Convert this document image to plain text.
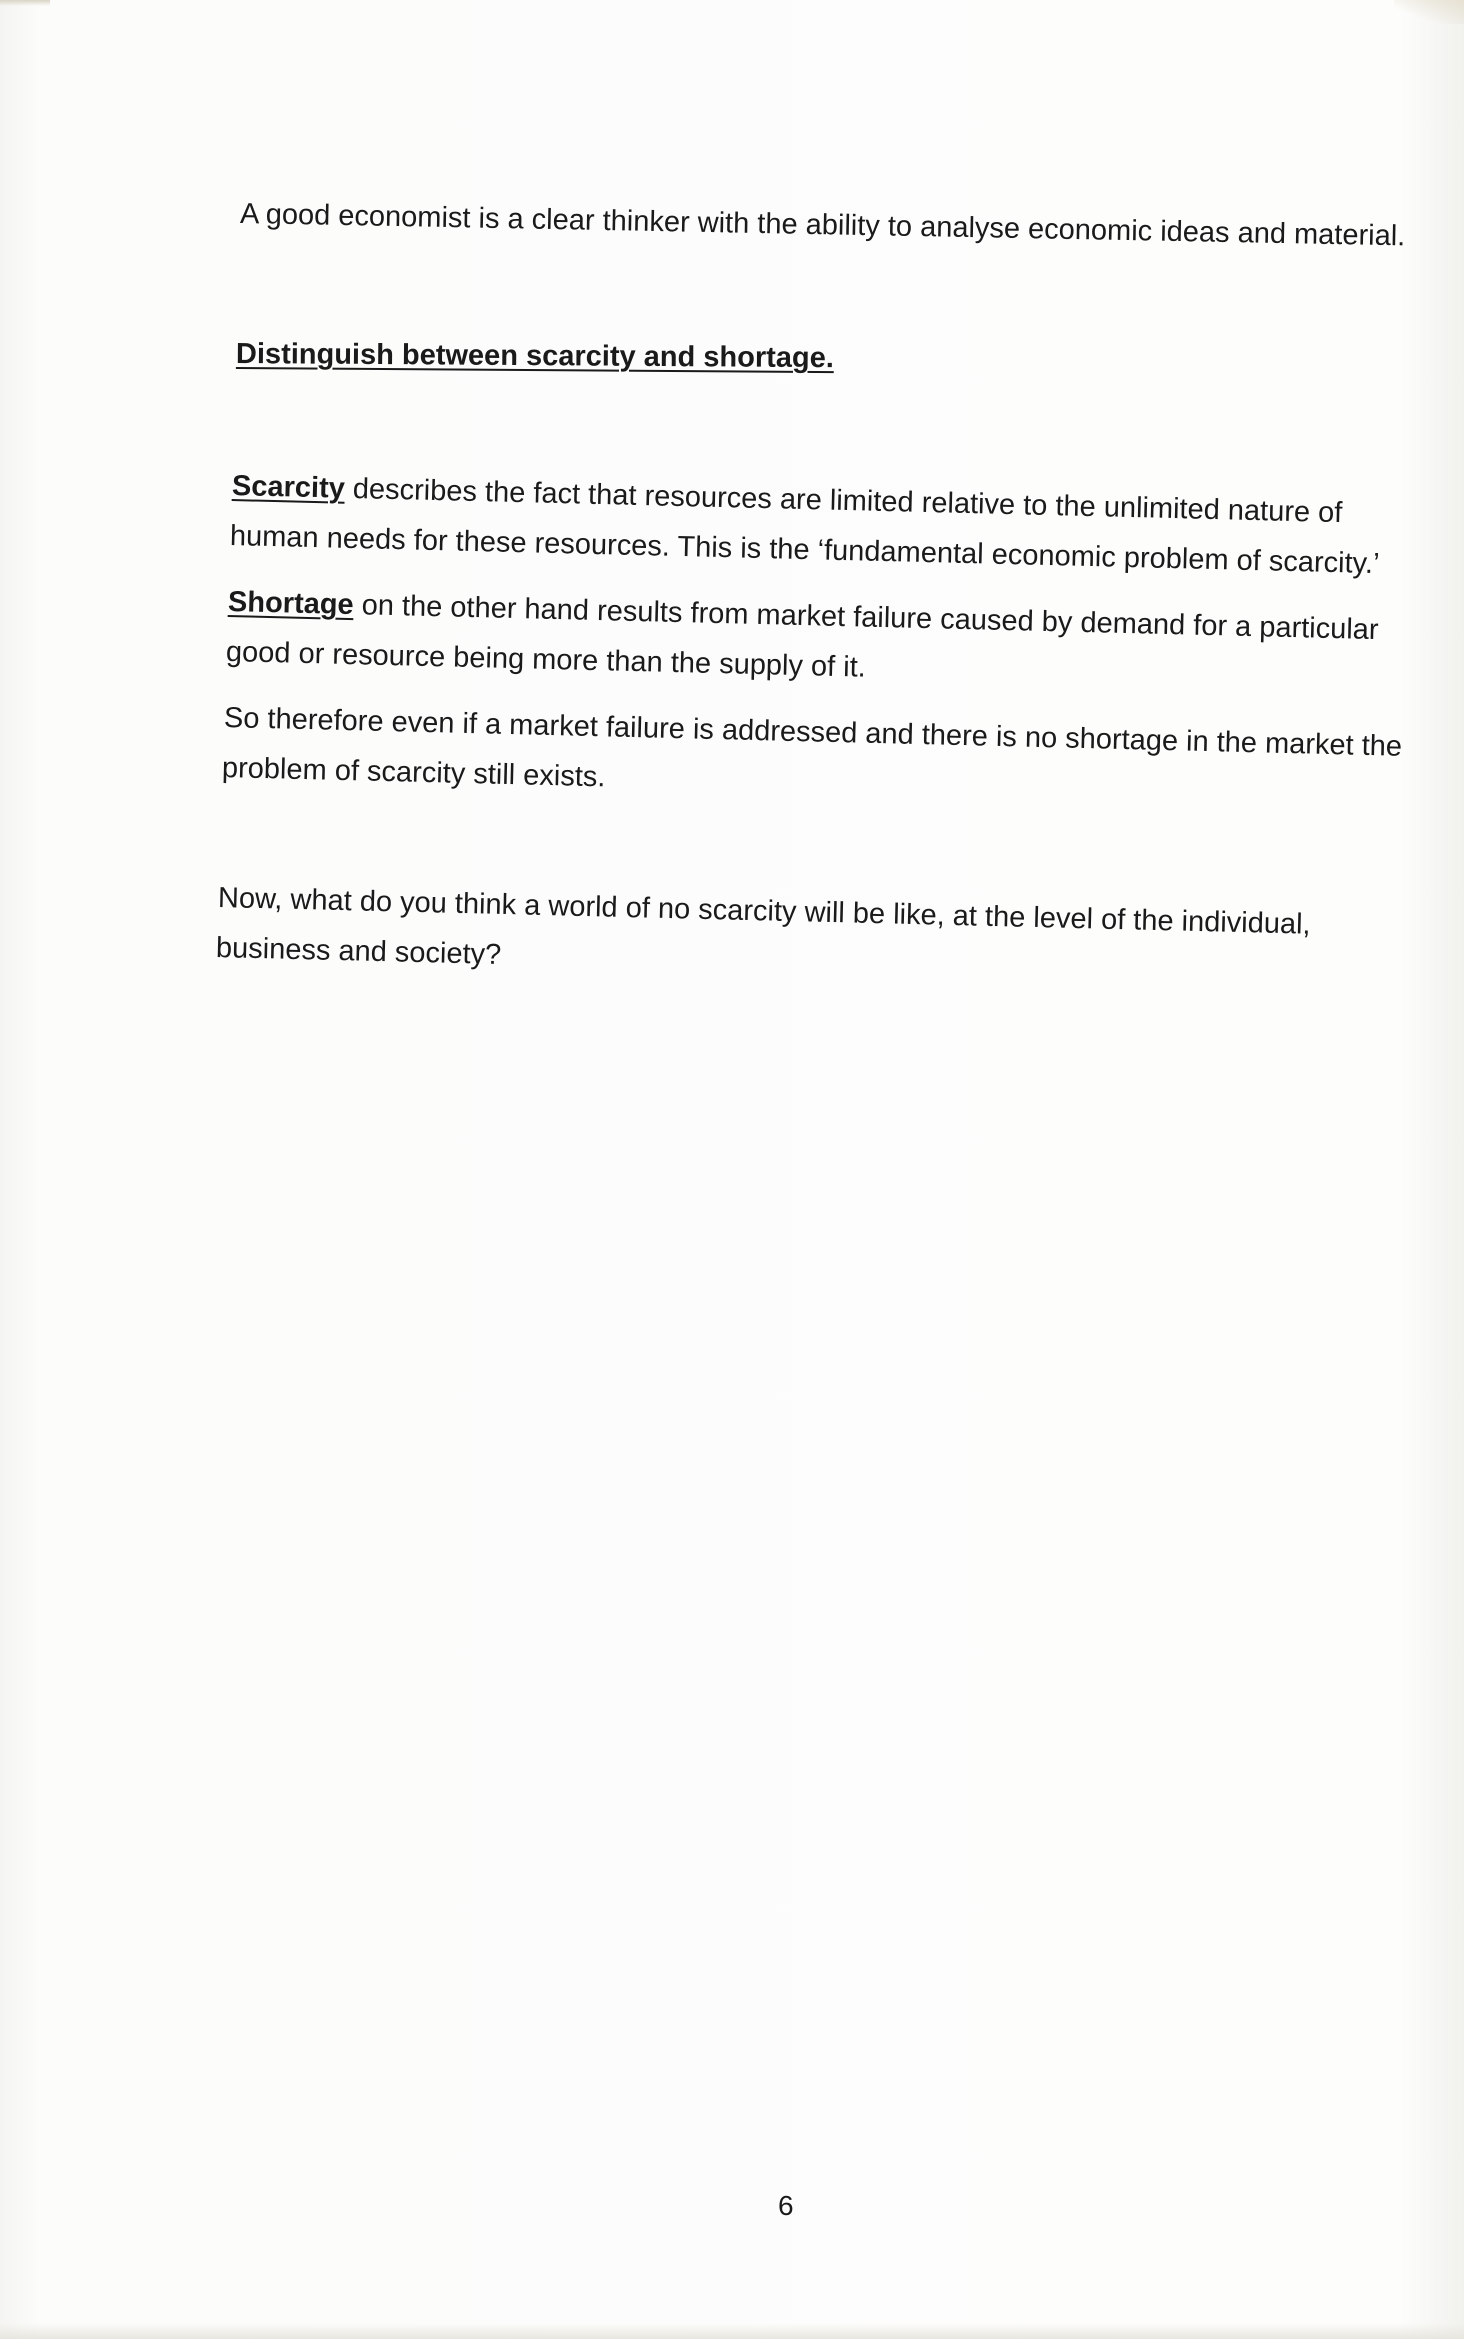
A good economist is a clear thinker with the ability to analyse economic ideas and material.
Distinguish between scarcity and shortage.
Scarcity describes the fact that resources are limited relative to the unlimited nature of
human needs for these resources. This is the ‘fundamental economic problem of scarcity.’
Shortage on the other hand results from market failure caused by demand for a particular
good or resource being more than the supply of it.
So therefore even if a market failure is addressed and there is no shortage in the market the
problem of scarcity still exists.
Now, what do you think a world of no scarcity will be like, at the level of the individual,
business and society?
6
